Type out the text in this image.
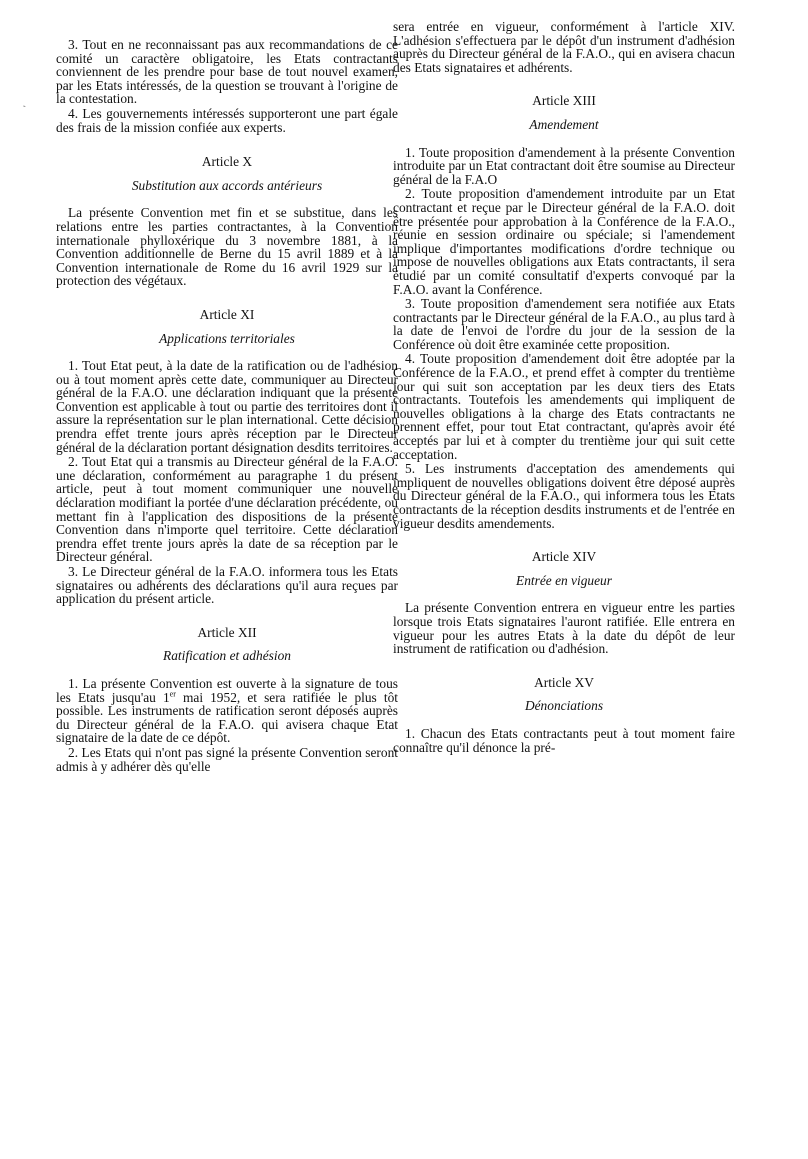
ˏ

3. Tout en ne reconnaissant pas aux recommandations de ce comité un caractère obligatoire, les Etats contractants conviennent de les prendre pour base de tout nouvel examen, par les Etats intéressés, de la question se trouvant à l'origine de la contestation.

4. Les gouvernements intéressés supporteront une part égale des frais de la mission confiée aux experts.

Article X
Substitution aux accords antérieurs

La présente Convention met fin et se substitue, dans les relations entre les parties contractantes, à la Convention internationale phylloxérique du 3 novembre 1881, à la Convention additionnelle de Berne du 15 avril 1889 et à la Convention internationale de Rome du 16 avril 1929 sur la protection des végétaux.

Article XI
Applications territoriales

1. Tout Etat peut, à la date de la ratification ou de l'adhésion ou à tout moment après cette date, communiquer au Directeur général de la F.A.O. une déclaration indiquant que la présente Convention est applicable à tout ou partie des territoires dont il assure la représentation sur le plan international. Cette décision prendra effet trente jours après réception par le Directeur général de la déclaration portant désignation desdits territoires.

2. Tout Etat qui a transmis au Directeur général de la F.A.O. une déclaration, conformément au paragraphe 1 du présent article, peut à tout moment communiquer une nouvelle déclaration modifiant la portée d'une déclaration précédente, ou mettant fin à l'application des dispositions de la présente Convention dans n'importe quel territoire. Cette déclaration prendra effet trente jours après la date de sa réception par le Directeur général.

3. Le Directeur général de la F.A.O. informera tous les Etats signataires ou adhérents des déclarations qu'il aura reçues par application du présent article.

Article XII
Ratification et adhésion

1. La présente Convention est ouverte à la signature de tous les Etats jusqu'au 1er mai 1952, et sera ratifiée le plus tôt possible. Les instruments de ratification seront déposés auprès du Directeur général de la F.A.O. qui avisera chaque Etat signataire de la date de ce dépôt.

2. Les Etats qui n'ont pas signé la présente Convention seront admis à y adhérer dès qu'elle

sera entrée en vigueur, conformément à l'article XIV. L'adhésion s'effectuera par le dépôt d'un instrument d'adhésion auprès du Directeur général de la F.A.O., qui en avisera chacun des Etats signataires et adhérents.

Article XIII
Amendement

1. Toute proposition d'amendement à la présente Convention introduite par un Etat contractant doit être soumise au Directeur général de la F.A.O

2. Toute proposition d'amendement introduite par un Etat contractant et reçue par le Directeur général de la F.A.O. doit être présentée pour approbation à la Conférence de la F.A.O., réunie en session ordinaire ou spéciale; si l'amendement implique d'importantes modifications d'ordre technique ou impose de nouvelles obligations aux Etats contractants, il sera étudié par un comité consultatif d'experts convoqué par la F.A.O. avant la Conférence.

3. Toute proposition d'amendement sera notifiée aux Etats contractants par le Directeur général de la F.A.O., au plus tard à la date de l'envoi de l'ordre du jour de la session de la Conférence où doit être examinée cette proposition.

4. Toute proposition d'amendement doit être adoptée par la Conférence de la F.A.O., et prend effet à compter du trentième jour qui suit son acceptation par les deux tiers des Etats contractants. Toutefois les amendements qui impliquent de nouvelles obligations à la charge des Etats contractants ne prennent effet, pour tout Etat contractant, qu'après avoir été acceptés par lui et à compter du trentième jour qui suit cette acceptation.

5. Les instruments d'acceptation des amendements qui impliquent de nouvelles obligations doivent être déposé auprès du Directeur général de la F.A.O., qui informera tous les Etats contractants de la réception desdits instruments et de l'entrée en vigueur desdits amendements.

Article XIV
Entrée en vigueur

La présente Convention entrera en vigueur entre les parties lorsque trois Etats signataires l'auront ratifiée. Elle entrera en vigueur pour les autres Etats à la date du dépôt de leur instrument de ratification ou d'adhésion.

Article XV
Dénonciations

1. Chacun des Etats contractants peut à tout moment faire connaître qu'il dénonce la pré-
